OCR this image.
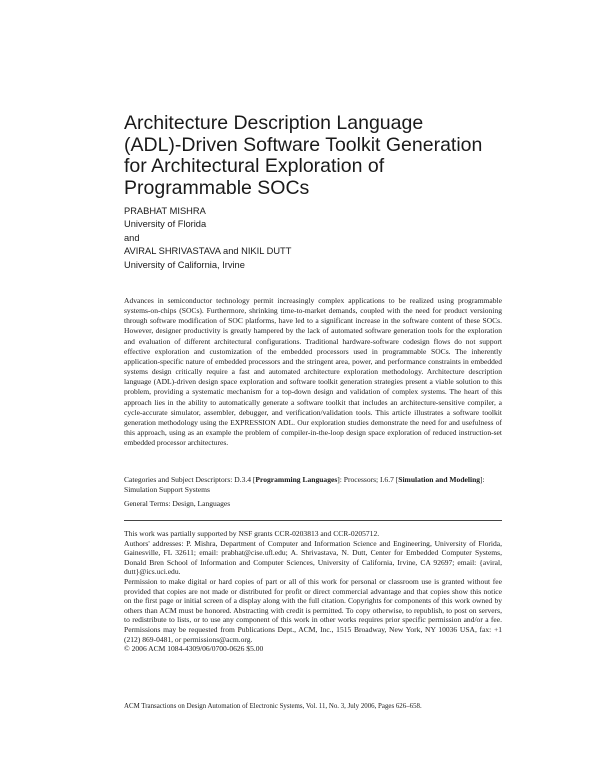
Architecture Description Language
(ADL)-Driven Software Toolkit Generation
for Architectural Exploration of
Programmable SOCs
PRABHAT MISHRA
University of Florida
and
AVIRAL SHRIVASTAVA and NIKIL DUTT
University of California, Irvine
Advances in semiconductor technology permit increasingly complex applications to be realized using programmable systems-on-chips (SOCs). Furthermore, shrinking time-to-market demands, coupled with the need for product versioning through software modification of SOC platforms, have led to a significant increase in the software content of these SOCs. However, designer productivity is greatly hampered by the lack of automated software generation tools for the exploration and evaluation of different architectural configurations. Traditional hardware-software codesign flows do not support effective exploration and customization of the embedded processors used in programmable SOCs. The inherently application-specific nature of embedded processors and the stringent area, power, and performance constraints in embedded systems design critically require a fast and automated architecture exploration methodology. Architecture description language (ADL)-driven design space exploration and software toolkit generation strategies present a viable solution to this problem, providing a systematic mechanism for a top-down design and validation of complex systems. The heart of this approach lies in the ability to automatically generate a software toolkit that includes an architecture-sensitive compiler, a cycle-accurate simulator, assembler, debugger, and verification/validation tools. This article illustrates a software toolkit generation methodology using the EXPRESSION ADL. Our exploration studies demonstrate the need for and usefulness of this approach, using as an example the problem of compiler-in-the-loop design space exploration of reduced instruction-set embedded processor architectures.
Categories and Subject Descriptors: D.3.4 [Programming Languages]: Processors; I.6.7 [Simulation and Modeling]: Simulation Support Systems
General Terms: Design, Languages

This work was partially supported by NSF grants CCR-0203813 and CCR-0205712.

Authors' addresses: P. Mishra, Department of Computer and Information Science and Engineering, University of Florida, Gainesville, FL 32611; email: prabhat@cise.ufl.edu; A. Shrivastava, N. Dutt, Center for Embedded Computer Systems, Donald Bren School of Information and Computer Sciences, University of California, Irvine, CA 92697; email: {aviral, dutt}@ics.uci.edu.

Permission to make digital or hard copies of part or all of this work for personal or classroom use is granted without fee provided that copies are not made or distributed for profit or direct commercial advantage and that copies show this notice on the first page or initial screen of a display along with the full citation. Copyrights for components of this work owned by others than ACM must be honored. Abstracting with credit is permitted. To copy otherwise, to republish, to post on servers, to redistribute to lists, or to use any component of this work in other works requires prior specific permission and/or a fee. Permissions may be requested from Publications Dept., ACM, Inc., 1515 Broadway, New York, NY 10036 USA, fax: +1 (212) 869-0481, or permissions@acm.org.

© 2006 ACM 1084-4309/06/0700-0626 $5.00

ACM Transactions on Design Automation of Electronic Systems, Vol. 11, No. 3, July 2006, Pages 626–658.
